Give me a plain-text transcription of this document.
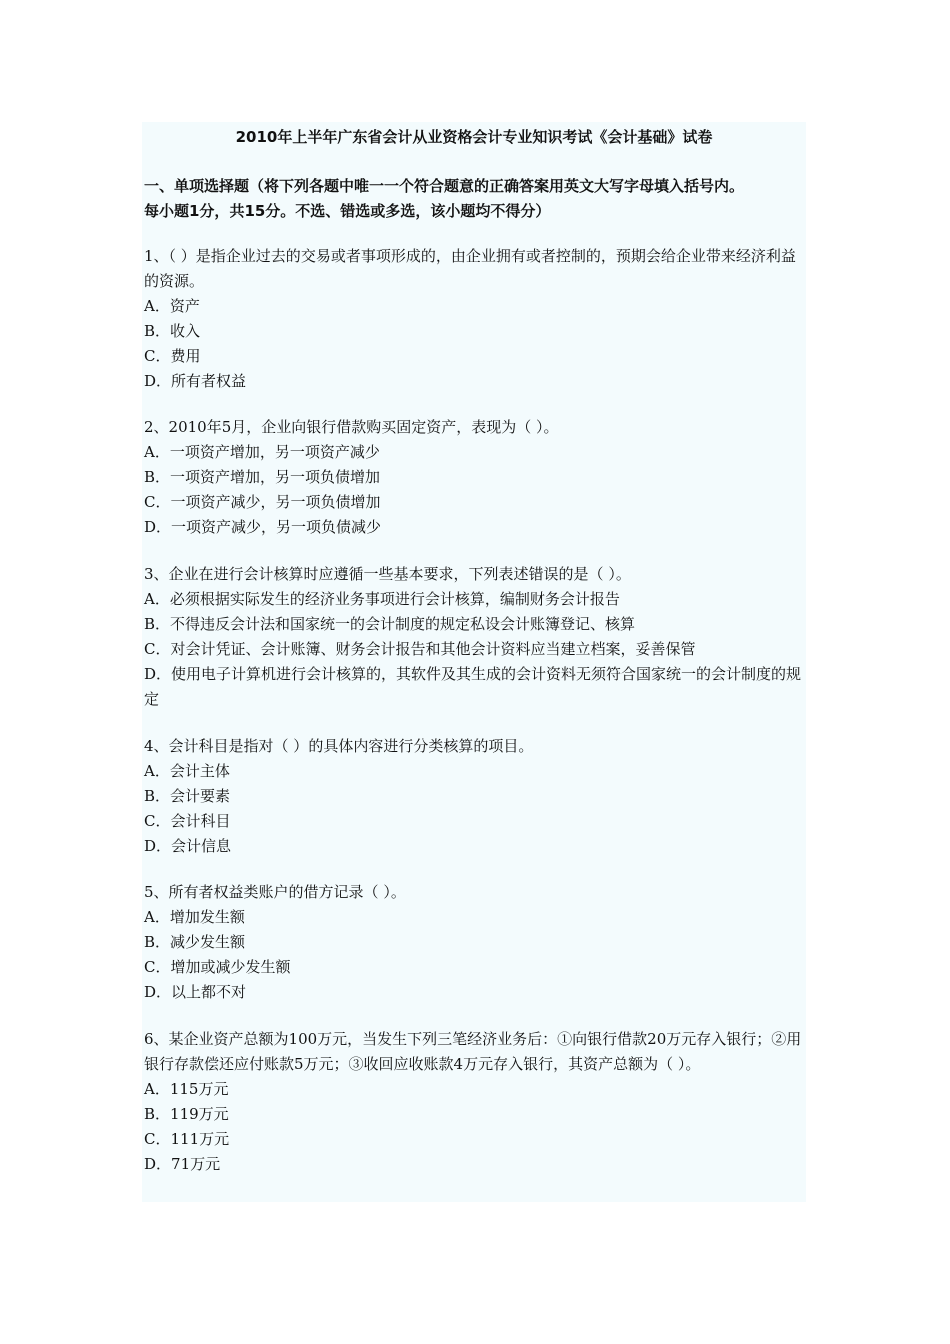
2010年上半年广东省会计从业资格会计专业知识考试《会计基础》试卷
一、单项选择题（将下列各题中唯一一个符合题意的正确答案用英文大写字母填入括号内。
每小题1分，共15分。不选、错选或多选，该小题均不得分）
1、（ ）是指企业过去的交易或者事项形成的，由企业拥有或者控制的，预期会给企业带来经济利益的资源。
A．资产
B．收入
C．费用
D．所有者权益
2、2010年5月，企业向银行借款购买固定资产，表现为（ ）。
A．一项资产增加，另一项资产减少
B．一项资产增加，另一项负债增加
C．一项资产减少，另一项负债增加
D．一项资产减少，另一项负债减少
3、企业在进行会计核算时应遵循一些基本要求，下列表述错误的是（ ）。
A．必须根据实际发生的经济业务事项进行会计核算，编制财务会计报告
B．不得违反会计法和国家统一的会计制度的规定私设会计账簿登记、核算
C．对会计凭证、会计账簿、财务会计报告和其他会计资料应当建立档案，妥善保管
D．使用电子计算机进行会计核算的，其软件及其生成的会计资料无须符合国家统一的会计制度的规定
4、会计科目是指对（ ）的具体内容进行分类核算的项目。
A．会计主体
B．会计要素
C．会计科目
D．会计信息
5、所有者权益类账户的借方记录（ ）。
A．增加发生额
B．减少发生额
C．增加或减少发生额
D．以上都不对
6、某企业资产总额为100万元，当发生下列三笔经济业务后：①向银行借款20万元存入银行；②用银行存款偿还应付账款5万元；③收回应收账款4万元存入银行，其资产总额为（ ）。
A．115万元
B．119万元
C．111万元
D．71万元
